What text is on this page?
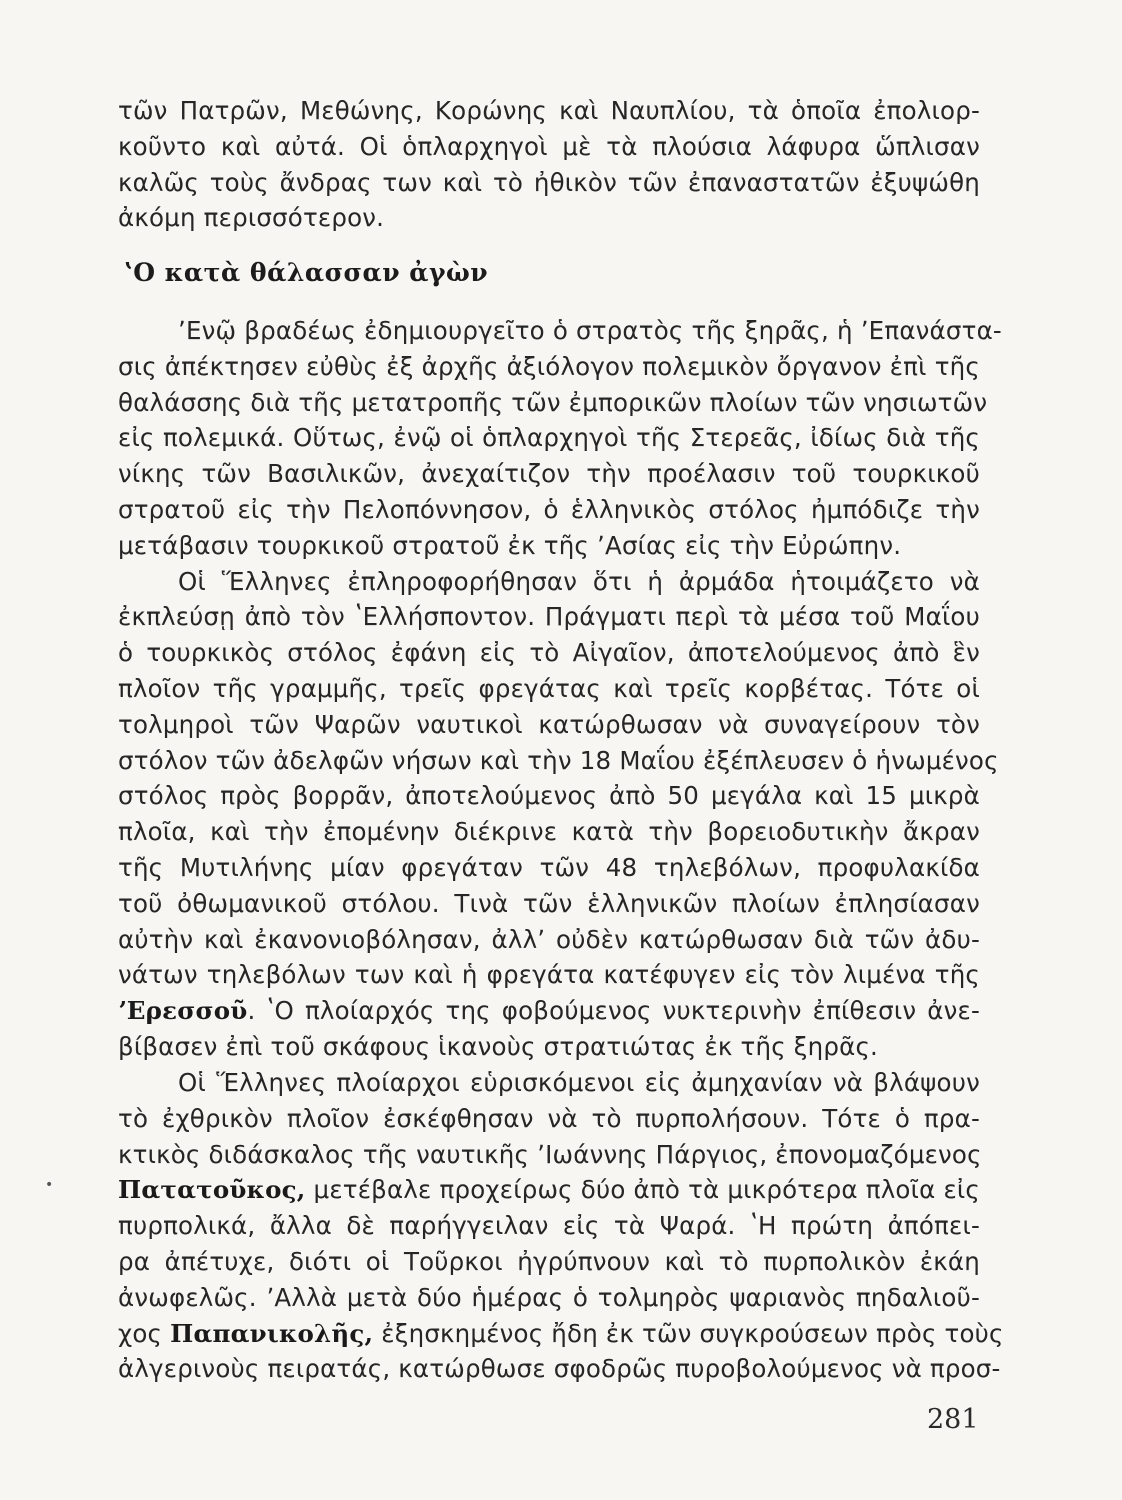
τῶν Πατρῶν, Μεθώνης, Κορώνης καὶ Ναυπλίου, τὰ ὁποῖα ἐπολιορ-
κοῦντο καὶ αὐτά. Οἱ ὁπλαρχηγοὶ μὲ τὰ πλούσια λάφυρα ὥπλισαν
καλῶς τοὺς ἄνδρας των καὶ τὸ ἠθικὸν τῶν ἐπαναστατῶν ἐξυψώθη
ἀκόμη περισσότερον.
ʽΟ κατὰ θάλασσαν ἀγὼν
ʼΕνῷ βραδέως ἐδημιουργεῖτο ὁ στρατὸς τῆς ξηρᾶς, ἡ ʼΕπανάστα-
σις ἀπέκτησεν εὐθὺς ἐξ ἀρχῆς ἀξιόλογον πολεμικὸν ὄργανον ἐπὶ τῆς
θαλάσσης διὰ τῆς μετατροπῆς τῶν ἐμπορικῶν πλοίων τῶν νησιωτῶν
εἰς πολεμικά. Οὕτως, ἐνῷ οἱ ὁπλαρχηγοὶ τῆς Στερεᾶς, ἰδίως διὰ τῆς
νίκης τῶν Βασιλικῶν, ἀνεχαίτιζον τὴν προέλασιν τοῦ τουρκικοῦ
στρατοῦ εἰς τὴν Πελοπόννησον, ὁ ἑλληνικὸς στόλος ἠμπόδιζε τὴν
μετάβασιν τουρκικοῦ στρατοῦ ἐκ τῆς ʼΑσίας εἰς τὴν Εὐρώπην.
Οἱ Ἕλληνες ἐπληροφορήθησαν ὅτι ἡ ἀρμάδα ἡτοιμάζετο νὰ
ἐκπλεύσῃ ἀπὸ τὸν ʽΕλλήσποντον. Πράγματι περὶ τὰ μέσα τοῦ Μαΐου
ὁ τουρκικὸς στόλος ἐφάνη εἰς τὸ Αἰγαῖον, ἀποτελούμενος ἀπὸ ἓν
πλοῖον τῆς γραμμῆς, τρεῖς φρεγάτας καὶ τρεῖς κορβέτας. Τότε οἱ
τολμηροὶ τῶν Ψαρῶν ναυτικοὶ κατώρθωσαν νὰ συναγείρουν τὸν
στόλον τῶν ἀδελφῶν νήσων καὶ τὴν 18 Μαΐου ἐξέπλευσεν ὁ ἡνωμένος
στόλος πρὸς βορρᾶν, ἀποτελούμενος ἀπὸ 50 μεγάλα καὶ 15 μικρὰ
πλοῖα, καὶ τὴν ἐπομένην διέκρινε κατὰ τὴν βορειοδυτικὴν ἄκραν
τῆς Μυτιλήνης μίαν φρεγάταν τῶν 48 τηλεβόλων, προφυλακίδα
τοῦ ὀθωμανικοῦ στόλου. Τινὰ τῶν ἑλληνικῶν πλοίων ἐπλησίασαν
αὐτὴν καὶ ἐκανονιοβόλησαν, ἀλλʼ οὐδὲν κατώρθωσαν διὰ τῶν ἀδυ-
νάτων τηλεβόλων των καὶ ἡ φρεγάτα κατέφυγεν εἰς τὸν λιμένα τῆς
ʼΕρεσσοῦ. ʽΟ πλοίαρχός της φοβούμενος νυκτερινὴν ἐπίθεσιν ἀνε-
βίβασεν ἐπὶ τοῦ σκάφους ἱκανοὺς στρατιώτας ἐκ τῆς ξηρᾶς.
Οἱ Ἕλληνες πλοίαρχοι εὑρισκόμενοι εἰς ἀμηχανίαν νὰ βλάψουν
τὸ ἐχθρικὸν πλοῖον ἐσκέφθησαν νὰ τὸ πυρπολήσουν. Τότε ὁ πρα-
κτικὸς διδάσκαλος τῆς ναυτικῆς ʼΙωάννης Πάργιος, ἐπονομαζόμενος
Πατατοῦκος, μετέβαλε προχείρως δύο ἀπὸ τὰ μικρότερα πλοῖα εἰς
πυρπολικά, ἄλλα δὲ παρήγγειλαν εἰς τὰ Ψαρά. ʽΗ πρώτη ἀπόπει-
ρα ἀπέτυχε, διότι οἱ Τοῦρκοι ἠγρύπνουν καὶ τὸ πυρπολικὸν ἐκάη
ἀνωφελῶς. ʼΑλλὰ μετὰ δύο ἡμέρας ὁ τολμηρὸς ψαριανὸς πηδαλιοῦ-
χος Παπανικολῆς, ἐξησκημένος ἤδη ἐκ τῶν συγκρούσεων πρὸς τοὺς
ἀλγερινοὺς πειρατάς, κατώρθωσε σφοδρῶς πυροβολούμενος νὰ προσ-
•
281
